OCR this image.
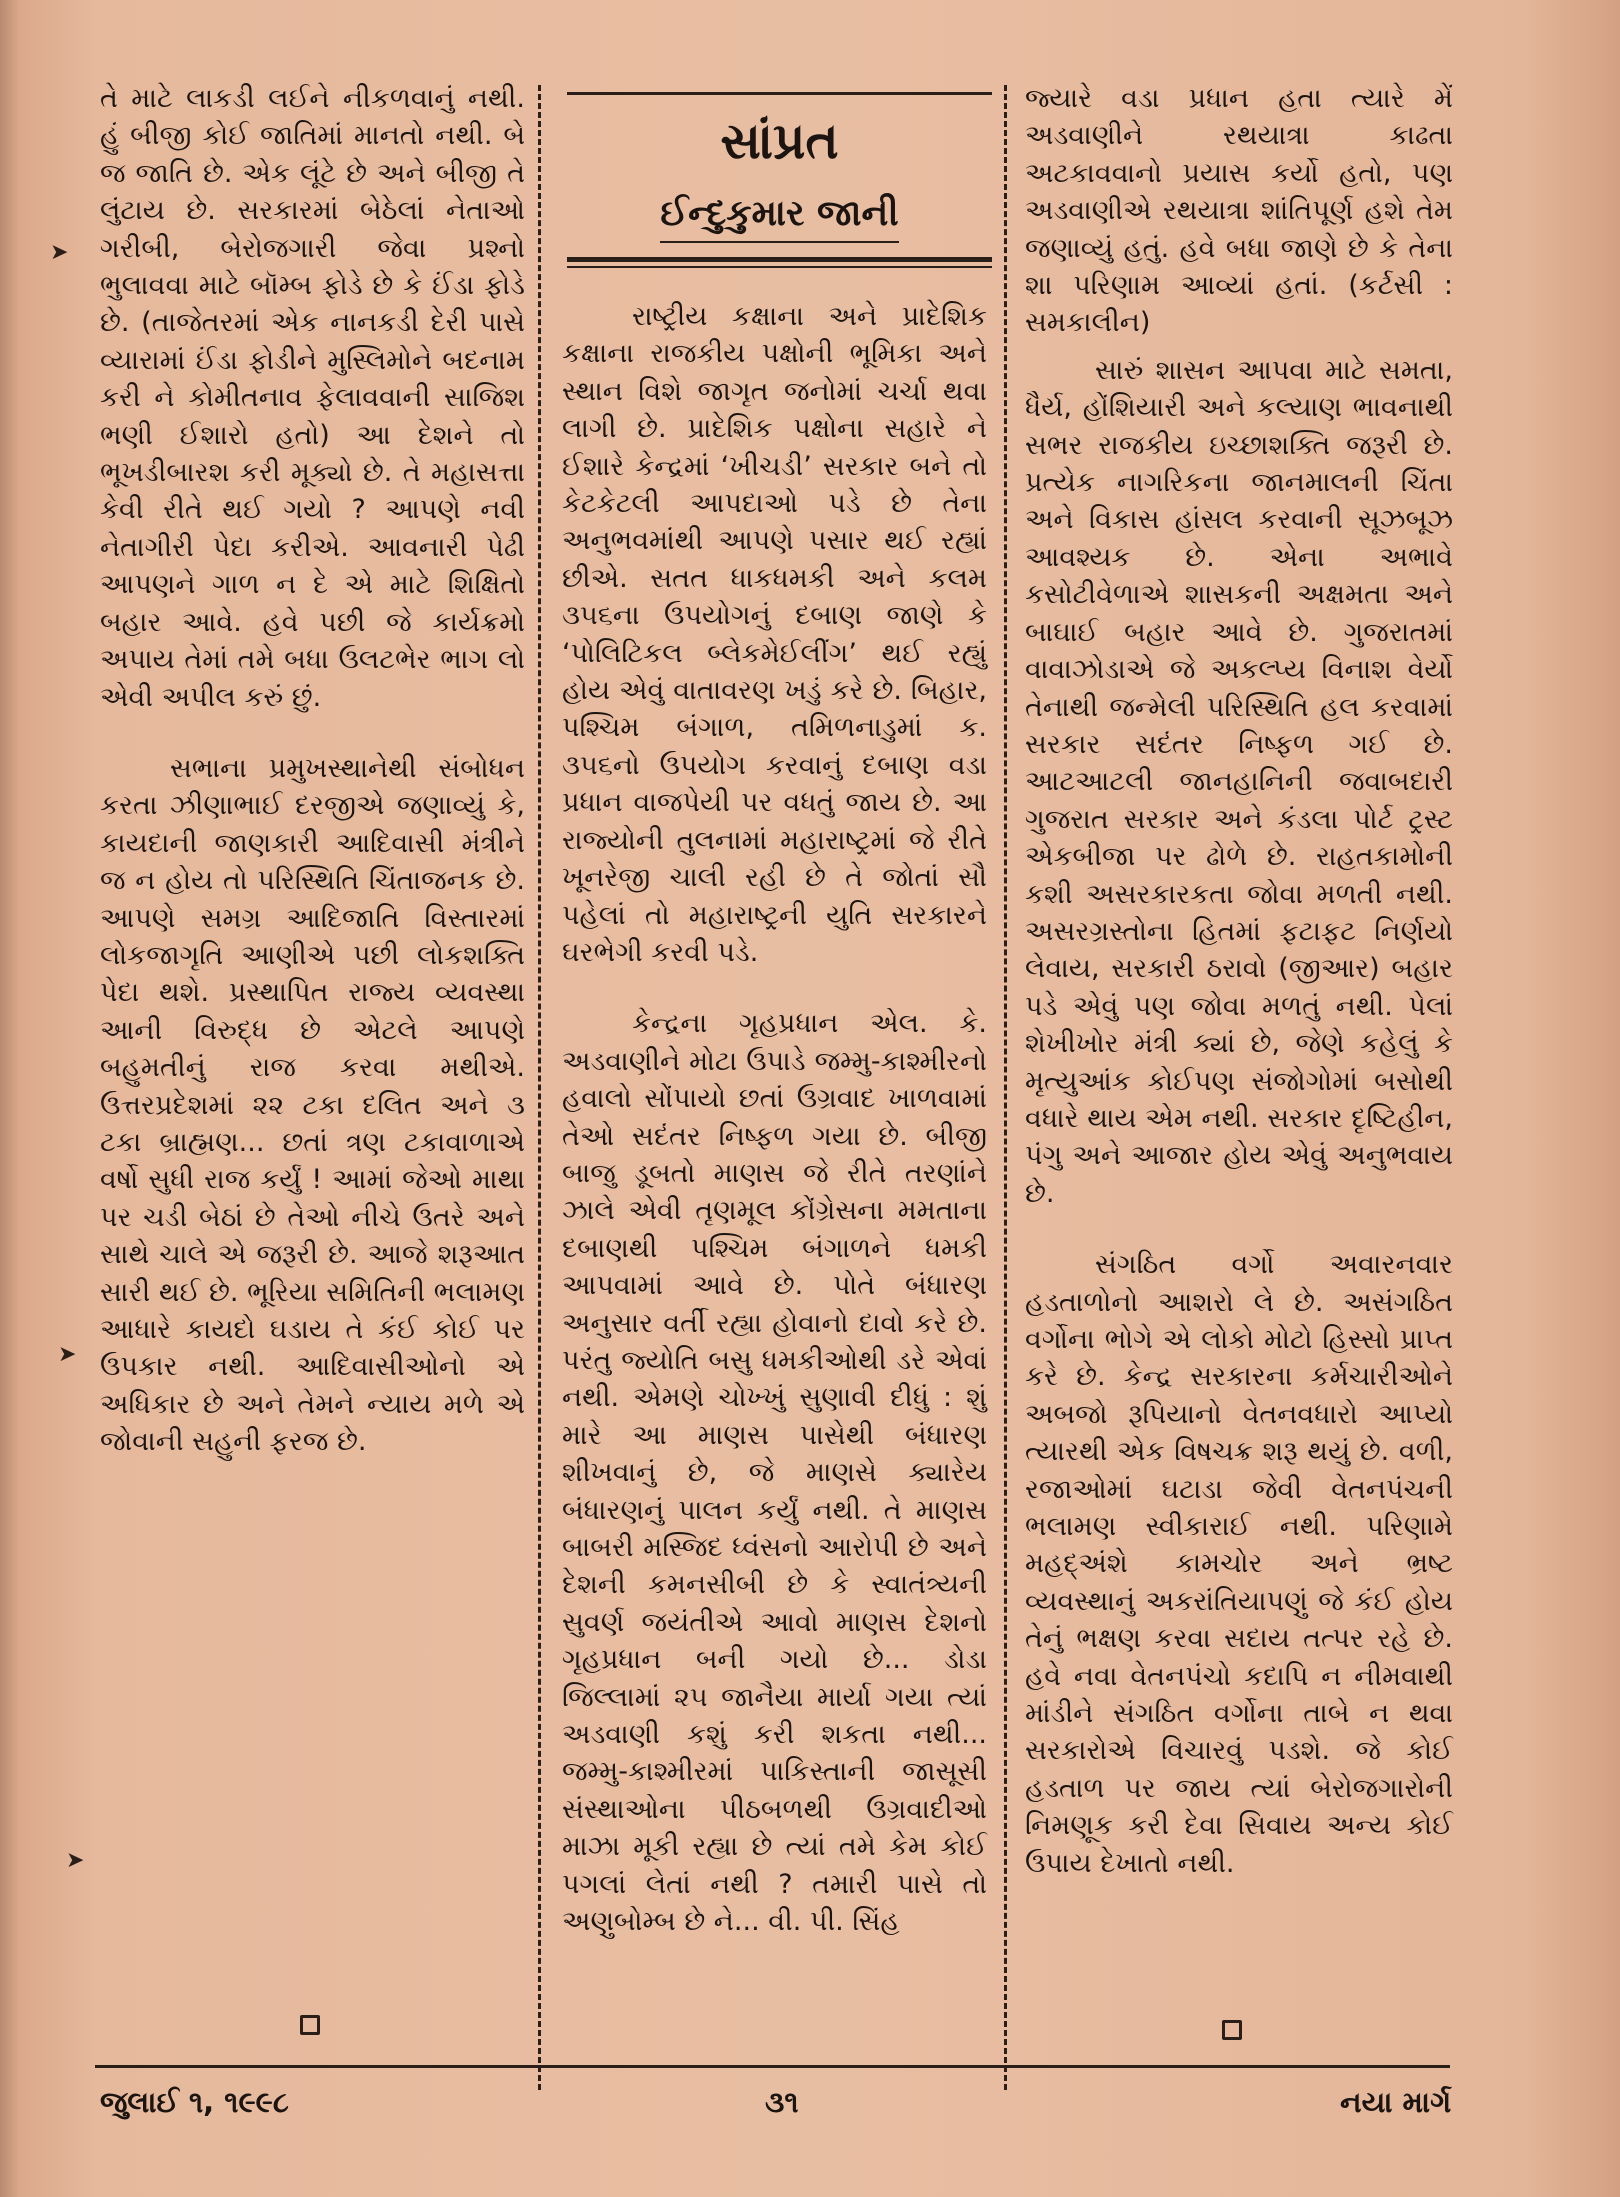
➤
➤
➤

તે માટે લાકડી લઈને નીકળવાનું નથી. હું બીજી કોઈ જાતિમાં માનતો નથી. બે જ જાતિ છે. એક લૂંટે છે અને બીજી તે લુંટાય છે. સરકારમાં બેઠેલાં નેતાઓ ગરીબી, બેરોજગારી જેવા પ્રશ્નો ભુલાવવા માટે બૉમ્બ ફોડે છે કે ઈંડા ફોડે છે. (તાજેતરમાં એક નાનકડી દેરી પાસે વ્યારામાં ઈંડા ફોડીને મુસ્લિમોને બદનામ કરી ને કોમીતનાવ ફેલાવવાની સાજિશ ભણી ઈશારો હતો) આ દેશને તો ભૂખડીબારશ કરી મૂક્યો છે. તે મહાસત્તા કેવી રીતે થઈ ગયો ? આપણે નવી નેતાગીરી પેદા કરીએ. આવનારી પેઢી આપણને ગાળ ન દે એ માટે શિક્ષિતો બહાર આવે. હવે પછી જે કાર્યક્રમો અપાય તેમાં તમે બધા ઉલટભેર ભાગ લો એવી અપીલ કરું છું.

સભાના પ્રમુખસ્થાનેથી સંબોધન કરતા ઝીણાભાઈ દરજીએ જણાવ્યું કે, કાયદાની જાણકારી આદિવાસી મંત્રીને જ ન હોય તો પરિસ્થિતિ ચિંતાજનક છે. આપણે સમગ્ર આદિજાતિ વિસ્તારમાં લોકજાગૃતિ આણીએ પછી લોકશક્તિ પેદા થશે. પ્રસ્થાપિત રાજ્ય વ્યવસ્થા આની વિરુદ્ધ છે એટલે આપણે બહુમતીનું રાજ કરવા મથીએ. ઉત્તરપ્રદેશમાં ૨૨ ટકા દલિત અને ૩ ટકા બ્રાહ્મણ... છતાં ત્રણ ટકાવાળાએ વર્ષો સુધી રાજ કર્યું ! આમાં જેઓ માથા પર ચડી બેઠાં છે તેઓ નીચે ઉતરે અને સાથે ચાલે એ જરૂરી છે. આજે શરૂઆત સારી થઈ છે. ભૂરિયા સમિતિની ભલામણ આધારે કાયદો ઘડાય તે કંઈ કોઈ પર ઉપકાર નથી. આદિવાસીઓનો એ અધિકાર છે અને તેમને ન્યાય મળે એ જોવાની સહુની ફરજ છે.

સાંપ્રત
ઈન્દુકુમાર જાની

રાષ્ટ્રીય કક્ષાના અને પ્રાદેશિક કક્ષાના રાજકીય પક્ષોની ભૂમિકા અને સ્થાન વિશે જાગૃત જનોમાં ચર્ચા થવા લાગી છે. પ્રાદેશિક પક્ષોના સહારે ને ઈશારે કેન્દ્રમાં ‘ખીચડી’ સરકાર બને તો કેટકેટલી આપદાઓ પડે છે તેના અનુભવમાંથી આપણે પસાર થઈ રહ્યાં છીએ. સતત ધાકધમકી અને કલમ ૩૫૬ના ઉપયોગનું દબાણ જાણે કે ‘પોલિટિકલ બ્લેકમેઈલીંગ’ થઈ રહ્યું હોય એવું વાતાવરણ ખડું કરે છે. બિહાર, પશ્ચિમ બંગાળ, તમિળનાડુમાં ક. ૩૫૬નો ઉપયોગ કરવાનું દબાણ વડા પ્રધાન વાજપેયી પર વધતું જાય છે. આ રાજ્યોની તુલનામાં મહારાષ્ટ્રમાં જે રીતે ખૂનરેજી ચાલી રહી છે તે જોતાં સૌ પહેલાં તો મહારાષ્ટ્રની યુતિ સરકારને ઘરભેગી કરવી પડે.

કેન્દ્રના ગૃહપ્રધાન એલ. કે. અડવાણીને મોટા ઉપાડે જમ્મુ-કાશ્મીરનો હવાલો સોંપાયો છતાં ઉગ્રવાદ ખાળવામાં તેઓ સદંતર નિષ્ફળ ગયા છે. બીજી બાજુ ડૂબતો માણસ જે રીતે તરણાંને ઝાલે એવી તૃણમૂલ કોંગ્રેસના મમતાના દબાણથી પશ્ચિમ બંગાળને ધમકી આપવામાં આવે છે. પોતે બંધારણ અનુસાર વર્તી રહ્યા હોવાનો દાવો કરે છે. પરંતુ જ્યોતિ બસુ ધમકીઓથી ડરે એવાં નથી. એમણે ચોખ્ખું સુણાવી દીધું : શું મારે આ માણસ પાસેથી બંધારણ શીખવાનું છે, જે માણસે ક્યારેય બંધારણનું પાલન કર્યું નથી. તે માણસ બાબરી મસ્જિદ ધ્વંસનો આરોપી છે અને દેશની કમનસીબી છે કે સ્વાતંત્ર્યની સુવર્ણ જયંતીએ આવો માણસ દેશનો ગૃહપ્રધાન બની ગયો છે... ડોડા જિલ્લામાં ૨૫ જાનૈયા માર્યા ગયા ત્યાં અડવાણી કશું કરી શકતા નથી... જમ્મુ-કાશ્મીરમાં પાકિસ્તાની જાસૂસી સંસ્થાઓના પીઠબળથી ઉગ્રવાદીઓ માઝા મૂકી રહ્યા છે ત્યાં તમે કેમ કોઈ પગલાં લેતાં નથી ? તમારી પાસે તો અણુબોમ્બ છે ને... વી. પી. સિંહ

જ્યારે વડા પ્રધાન હતા ત્યારે મેં અડવાણીને રથયાત્રા કાઢતા અટકાવવાનો પ્રયાસ કર્યો હતો, પણ અડવાણીએ રથયાત્રા શાંતિપૂર્ણ હશે તેમ જણાવ્યું હતું. હવે બધા જાણે છે કે તેના શા પરિણામ આવ્યાં હતાં. (કર્ટસી : સમકાલીન)

સારું શાસન આપવા માટે સમતા, ધૈર્ય, હોંશિયારી અને કલ્યાણ ભાવનાથી સભર રાજકીય ઇચ્છાશક્તિ જરૂરી છે. પ્રત્યેક નાગરિકના જાનમાલની ચિંતા અને વિકાસ હાંસલ કરવાની સૂઝબૂઝ આવશ્યક છે. એના અભાવે કસોટીવેળાએ શાસકની અક્ષમતા અને બાઘાઈ બહાર આવે છે. ગુજરાતમાં વાવાઝોડાએ જે અકલ્પ્ય વિનાશ વેર્યો તેનાથી જન્મેલી પરિસ્થિતિ હલ કરવામાં સરકાર સદંતર નિષ્ફળ ગઈ છે. આટઆટલી જાનહાનિની જવાબદારી ગુજરાત સરકાર અને કંડલા પોર્ટ ટ્રસ્ટ એકબીજા પર ઢોળે છે. રાહતકામોની કશી અસરકારકતા જોવા મળતી નથી. અસરગ્રસ્તોના હિતમાં ફટાફટ નિર્ણયો લેવાય, સરકારી ઠરાવો (જીઆર) બહાર પડે એવું પણ જોવા મળતું નથી. પેલાં શેખીખોર મંત્રી ક્યાં છે, જેણે કહેલું કે મૃત્યુઆંક કોઈપણ સંજોગોમાં બસોથી વધારે થાય એમ નથી. સરકાર દૃષ્ટિહીન, પંગુ અને આજાર હોય એવું અનુભવાય છે.

સંગઠિત વર્ગો અવારનવાર હડતાળોનો આશરો લે છે. અસંગઠિત વર્ગોના ભોગે એ લોકો મોટો હિસ્સો પ્રાપ્ત કરે છે. કેન્દ્ર સરકારના કર્મચારીઓને અબજો રૂપિયાનો વેતનવધારો આપ્યો ત્યારથી એક વિષચક્ર શરૂ થયું છે. વળી, રજાઓમાં ઘટાડા જેવી વેતનપંચની ભલામણ સ્વીકારાઈ નથી. પરિણામે મહદ્અંશે કામચોર અને ભ્રષ્ટ વ્યવસ્થાનું અકરાંતિયાપણું જે કંઈ હોય તેનું ભક્ષણ કરવા સદાય તત્પર રહે છે. હવે નવા વેતનપંચો કદાપિ ન નીમવાથી માંડીને સંગઠિત વર્ગોના તાબે ન થવા સરકારોએ વિચારવું પડશે. જે કોઈ હડતાળ પર જાય ત્યાં બેરોજગારોની નિમણૂક કરી દેવા સિવાય અન્ય કોઈ ઉપાય દેખાતો નથી.

જુલાઈ ૧, ૧૯૯૮	૩૧	નયા માર્ગ
